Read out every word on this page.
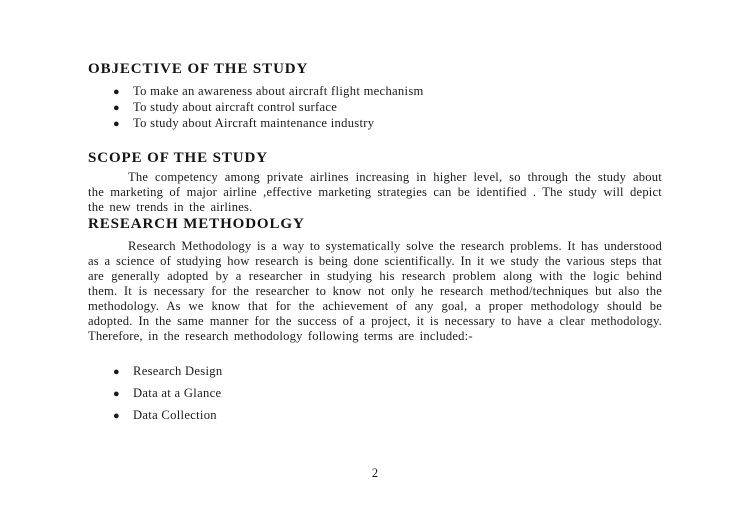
OBJECTIVE OF THE STUDY
●	To make an awareness about aircraft flight mechanism
●	To study about aircraft control surface
●	To study about Aircraft maintenance industry
SCOPE OF THE STUDY

The competency among private airlines increasing in higher level, so through the study about the marketing of major airline ,effective marketing strategies can be identified . The study will depict the new trends in the airlines.

RESEARCH METHODOLGY

Research Methodology is a way to systematically solve the research problems. It has understood as a science of studying how research is being done scientifically. In it we study the various steps that are generally adopted by a researcher in studying his research problem along with the logic behind them. It is necessary for the researcher to know not only he research method/techniques but also the methodology. As we know that for the achievement of any goal, a proper methodology should be adopted. In the same manner for the success of a project, it is necessary to have a clear methodology. Therefore, in the research methodology following terms are included:-

●	Research Design
●	Data at a Glance
●	Data Collection
2
